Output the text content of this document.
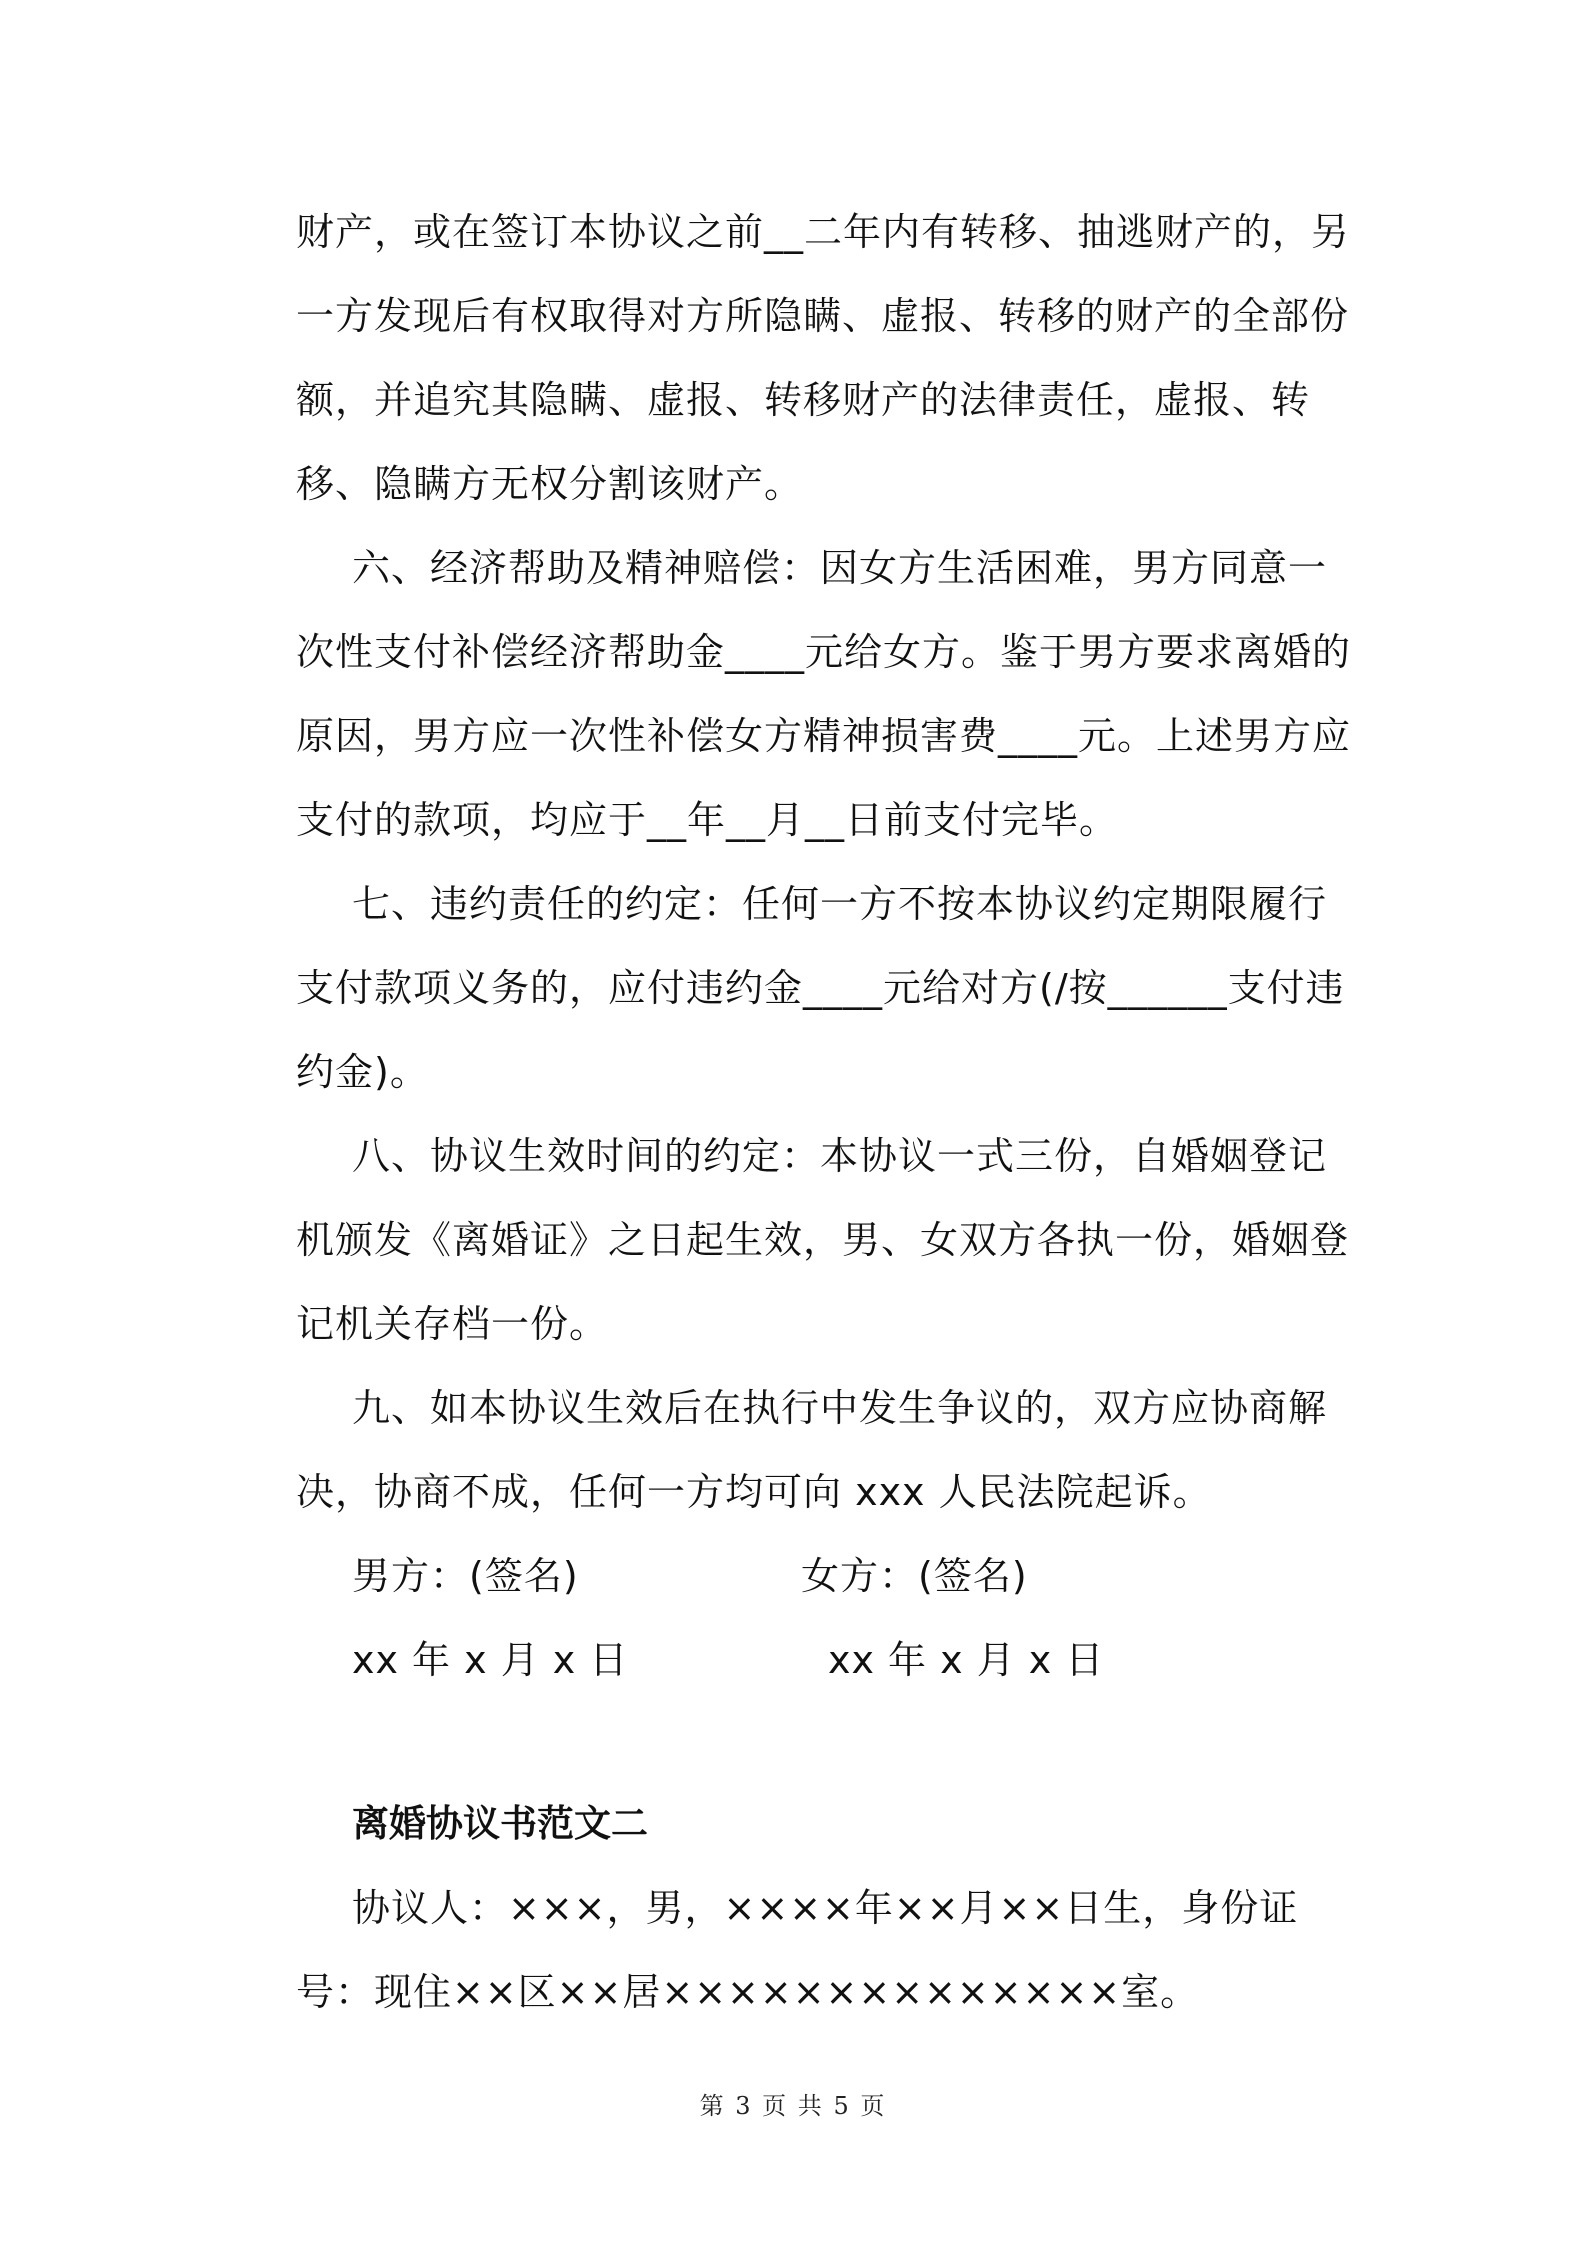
财产，或在签订本协议之前__二年内有转移、抽逃财产的，另一方发现后有权取得对方所隐瞒、虚报、转移的财产的全部份额，并追究其隐瞒、虚报、转移财产的法律责任，虚报、转移、隐瞒方无权分割该财产。

六、经济帮助及精神赔偿：因女方生活困难，男方同意一次性支付补偿经济帮助金____元给女方。鉴于男方要求离婚的原因，男方应一次性补偿女方精神损害费____元。上述男方应支付的款项，均应于__年__月__日前支付完毕。

七、违约责任的约定：任何一方不按本协议约定期限履行支付款项义务的，应付违约金____元给对方(/按______支付违约金)。

八、协议生效时间的约定：本协议一式三份，自婚姻登记机颁发《离婚证》之日起生效，男、女双方各执一份，婚姻登记机关存档一份。

九、如本协议生效后在执行中发生争议的，双方应协商解决，协商不成，任何一方均可向 xxx 人民法院起诉。

男方：(签名)	女方：(签名)
xx 年 x 月 x 日	xx 年 x 月 x 日

离婚协议书范文二

协议人：×××，男，××××年××月××日生，身份证号：现住××区××居××××××××××××××室。

第 3 页 共 5 页
